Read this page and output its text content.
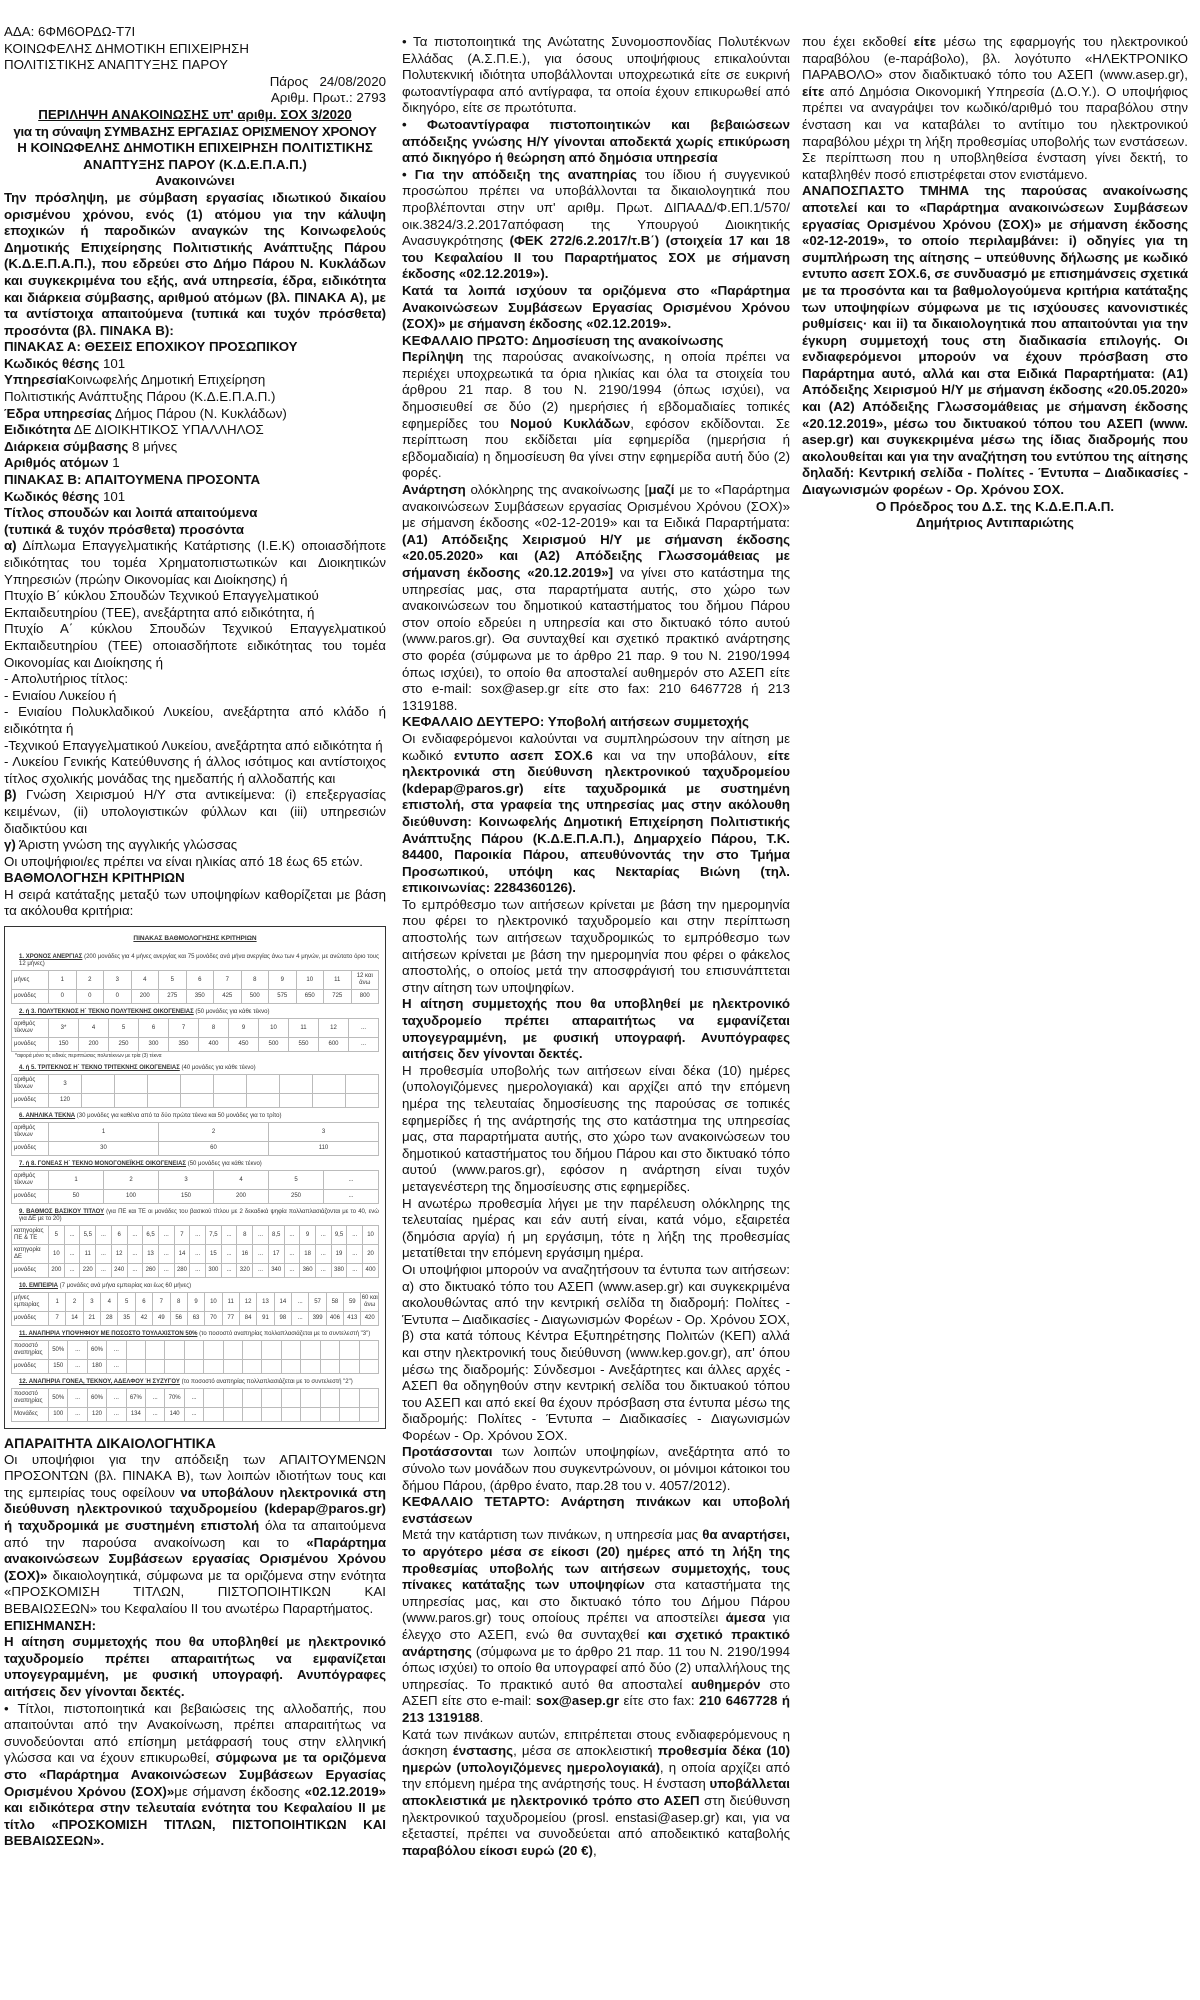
ΑΔΑ: 6ΦΜ6ΟΡΔΩ-Τ7Ι

ΚΟΙΝΩΦΕΛΗΣ ΔΗΜΟΤΙΚΗ ΕΠΙΧΕΙΡΗΣΗ

ΠΟΛΙΤΙΣΤΙΚΗΣ ΑΝΑΠΤΥΞΗΣ ΠΑΡΟΥ

Πάρος   24/08/2020

Αριθμ. Πρωτ.: 2793

ΠΕΡΙΛΗΨΗ ΑΝΑΚΟΙΝΩΣΗΣ υπ' αριθμ. ΣΟΧ 3/2020

για τη σύναψη ΣΥΜΒΑΣΗΣ ΕΡΓΑΣΙΑΣ ΟΡΙΣΜΕΝΟΥ ΧΡΟΝΟΥ

Η ΚΟΙΝΩΦΕΛΗΣ ΔΗΜΟΤΙΚΗ ΕΠΙΧΕΙΡΗΣΗ ΠΟΛΙΤΙΣΤΙΚΗΣ ΑΝΑΠΤΥΞΗΣ ΠΑΡΟΥ (Κ.Δ.Ε.Π.Α.Π.)

Ανακοινώνει

Την πρόσληψη, με σύμβαση εργασίας ιδιωτικού δικαίου ορισμένου χρόνου, ενός (1) ατόμου για την κάλυψη εποχικών ή παροδικών αναγκών της Κοινωφελούς Δημοτικής Επιχείρησης Πολιτιστικής Ανάπτυξης Πάρου (Κ.Δ.Ε.Π.Α.Π.), που εδρεύει στο Δήμο Πάρου Ν. Κυκλάδων και συγκεκριμένα του εξής, ανά υπηρεσία, έδρα, ειδικότητα και διάρκεια σύμβασης, αριθμού ατόμων (βλ. ΠΙΝΑΚΑ Α), με τα αντίστοιχα απαιτούμενα (τυπικά και τυχόν πρόσθετα) προσόντα (βλ. ΠΙΝΑΚΑ Β):

ΠΙΝΑΚΑΣ Α: ΘΕΣΕΙΣ ΕΠΟΧΙΚΟΥ ΠΡΟΣΩΠΙΚΟΥ

Κωδικός θέσης 101

ΥπηρεσίαΚοινωφελής Δημοτική Επιχείρηση

Πολιτιστικής Ανάπτυξης Πάρου (Κ.Δ.Ε.Π.Α.Π.)

Έδρα υπηρεσίας Δήμος Πάρου (Ν. Κυκλάδων)

Ειδικότητα ΔΕ ΔΙΟΙΚΗΤΙΚΟΣ ΥΠΑΛΛΗΛΟΣ

Διάρκεια σύμβασης 8 μήνες

Αριθμός ατόμων 1

ΠΙΝΑΚΑΣ Β: ΑΠΑΙΤΟΥΜΕΝΑ ΠΡΟΣΟΝΤΑ

Κωδικός θέσης 101

Τίτλος σπουδών και λοιπά απαιτούμενα

(τυπικά & τυχόν πρόσθετα) προσόντα

α) Δίπλωμα Επαγγελματικής Κατάρτισης (Ι.Ε.Κ) οποιασδήποτε ειδικότητας του τομέα Χρηματοπιστωτικών και Διοικητικών Υπηρεσιών (πρώην Οικονομίας και Διοίκησης) ή

Πτυχίο Β΄ κύκλου Σπουδών Τεχνικού Επαγγελματικού Εκπαιδευτηρίου (ΤΕΕ), ανεξάρτητα από ειδικότητα, ή

Πτυχίο Α΄ κύκλου Σπουδών Τεχνικού Επαγγελματικού Εκπαιδευτηρίου (ΤΕΕ) οποιασδήποτε ειδικότητας του τομέα Οικονομίας και Διοίκησης ή

- Απολυτήριος τίτλος:

- Ενιαίου Λυκείου ή

- Ενιαίου Πολυκλαδικού Λυκείου, ανεξάρτητα από κλάδο ή ειδικότητα ή

-Τεχνικού Επαγγελματικού Λυκείου, ανεξάρτητα από ειδικότητα ή

- Λυκείου Γενικής Κατεύθυνσης ή άλλος ισότιμος και αντίστοιχος τίτλος σχολικής μονάδας της ημεδαπής ή αλλοδαπής και

β) Γνώση Χειρισμού Η/Υ στα αντικείμενα: (i) επεξεργασίας κειμένων, (ii) υπολογιστικών φύλλων και (iii) υπηρεσιών διαδικτύου και

γ) Άριστη γνώση της αγγλικής γλώσσας

Οι υποψήφιοι/ες πρέπει να είναι ηλικίας από 18 έως 65 ετών.

ΒΑΘΜΟΛΟΓΗΣΗ ΚΡΙΤΗΡΙΩΝ

Η σειρά κατάταξης μεταξύ των υποψηφίων καθορίζεται με βάση τα ακόλουθα κριτήρια:

ΠΙΝΑΚΑΣ ΒΑΘΜΟΛΟΓΗΣΗΣ ΚΡΙΤΗΡΙΩΝ
1. ΧΡΟΝΟΣ ΑΝΕΡΓΙΑΣ (200 μονάδες για 4 μήνες ανεργίας και 75 μονάδες ανά μήνα ανεργίας άνω των 4 μηνών, με ανώτατο όριο τους 12 μήνες)
μήνες	1	2	3	4	5	6	7	8	9	10	11	12 και άνω
μονάδες	0	0	0	200	275	350	425	500	575	650	725	800
2. ή 3. ΠΟΛΥΤΕΚΝΟΣ Η΄ ΤΕΚΝΟ ΠΟΛΥΤΕΚΝΗΣ ΟΙΚΟΓΕΝΕΙΑΣ (50 μονάδες για κάθε τέκνο)
αριθμός τέκνων	3*	4	5	6	7	8	9	10	11	12	...
μονάδες	150	200	250	300	350	400	450	500	550	600	...
*αφορά μόνο τις ειδικές περιπτώσεις πολυτέκνων με τρία (3) τέκνα
4. ή 5. ΤΡΙΤΕΚΝΟΣ Η΄ ΤΕΚΝΟ ΤΡΙΤΕΚΝΗΣ ΟΙΚΟΓΕΝΕΙΑΣ (40 μονάδες για κάθε τέκνο)
αριθμός τέκνων	3									
μονάδες	120									
6. ΑΝΗΛΙΚΑ ΤΕΚΝΑ (30 μονάδες για καθένα από τα δύο πρώτα τέκνα και 50 μονάδες για το τρίτο)
αριθμός τέκνων	1	2	3
μονάδες	30	60	110
7. ή 8. ΓΟΝΕΑΣ Η΄ ΤΕΚΝΟ ΜΟΝΟΓΟΝΕΪΚΗΣ ΟΙΚΟΓΕΝΕΙΑΣ (50 μονάδες για κάθε τέκνο)
αριθμός τέκνων	1	2	3	4	5	...
μονάδες	50	100	150	200	250	...
9. ΒΑΘΜΟΣ ΒΑΣΙΚΟΥ ΤΙΤΛΟΥ (για ΠΕ και ΤΕ οι μονάδες του βασικού τίτλου με 2 δεκαδικά ψηφία πολλαπλασιάζονται με το 40, ενώ για ΔΕ με το 20)
κατηγορίας ΠΕ & ΤΕ	5	...	5,5	...	6	...	6,5	...	7	...	7,5	...	8	...	8,5	...	9	...	9,5	...	10
κατηγορία ΔΕ	10	...	11	...	12	...	13	...	14	...	15	...	16	...	17	...	18	...	19	...	20
μονάδες	200	...	220	...	240	...	260	...	280	...	300	...	320	...	340	...	360	...	380	...	400
10. ΕΜΠΕΙΡΙΑ (7 μονάδες ανά μήνα εμπειρίας και έως 60 μήνες)
μήνες εμπειρίας	1	2	3	4	5	6	7	8	9	10	11	12	13	14	...	57	58	59	60 και άνω
μονάδες	7	14	21	28	35	42	49	56	63	70	77	84	91	98	...	399	406	413	420
11. ΑΝΑΠΗΡΙΑ ΥΠΟΨΗΦΙΟΥ ΜΕ ΠΟΣΟΣΤΟ ΤΟΥΛΑΧΙΣΤΟΝ 50% (το ποσοστό αναπηρίας πολλαπλασιάζεται με το συντελεστή "3")
ποσοστό αναπηρίας	50%	...	60%	...													
μονάδες	150	...	180	...													
12. ΑΝΑΠΗΡΙΑ ΓΟΝΕΑ, ΤΕΚΝΟΥ, ΑΔΕΛΦΟΥ Ή ΣΥΖΥΓΟΥ (το ποσοστό αναπηρίας πολλαπλασιάζεται με το συντελεστή "2")
ποσοστό αναπηρίας	50%	...	60%	...	67%	...	70%	...									
Μονάδες	100	...	120	...	134	...	140	...									

ΑΠΑΡΑΙΤΗΤΑ ΔΙΚΑΙΟΛΟΓΗΤΙΚΑ

Οι υποψήφιοι για την απόδειξη των ΑΠΑΙΤΟΥΜΕΝΩΝ ΠΡΟΣΟΝΤΩΝ (βλ. ΠΙΝΑΚΑ Β), των λοιπών ιδιοτήτων τους και της εμπειρίας τους οφείλουν να υποβάλουν ηλεκτρονικά στη διεύθυνση ηλεκτρονικού ταχυδρομείου (kdepap@paros.gr) ή ταχυδρομικά με συστημένη επιστολή όλα τα απαιτούμενα από την παρούσα ανακοίνωση και το «Παράρτημα ανακοινώσεων Συμβάσεων εργασίας Ορισμένου Χρόνου (ΣΟΧ)» δικαιολογητικά, σύμφωνα με τα οριζόμενα στην ενότητα «ΠΡΟΣΚΟΜΙΣΗ ΤΙΤΛΩΝ, ΠΙΣΤΟΠΟΙΗΤΙΚΩΝ ΚΑΙ ΒΕΒΑΙΩΣΕΩΝ» του Κεφαλαίου ΙΙ του ανωτέρω Παραρτήματος.

ΕΠΙΣΗΜΑΝΣΗ:

Η αίτηση συμμετοχής που θα υποβληθεί με ηλεκτρονικό ταχυδρομείο πρέπει απαραιτήτως να εμφανίζεται υπογεγραμμένη, με φυσική υπογραφή. Ανυπόγραφες αιτήσεις δεν γίνονται δεκτές.

• Τίτλοι, πιστοποιητικά και βεβαιώσεις της αλλοδαπής, που απαιτούνται από την Ανακοίνωση, πρέπει απαραιτήτως να συνοδεύονται από επίσημη μετάφρασή τους στην ελληνική γλώσσα και να έχουν επικυρωθεί, σύμφωνα με τα οριζόμενα στο «Παράρτημα Ανακοινώσεων Συμβάσεων Εργασίας Ορισμένου Χρόνου (ΣΟΧ)»με σήμανση έκδοσης «02.12.2019» και ειδικότερα στην τελευταία ενότητα του Κεφαλαίου ΙΙ με τίτλο «ΠΡΟΣΚΟΜΙΣΗ ΤΙΤΛΩΝ, ΠΙΣΤΟΠΟΙΗΤΙΚΩΝ ΚΑΙ ΒΕΒΑΙΩΣΕΩΝ».

• Τα πιστοποιητικά της Ανώτατης Συνομοσπονδίας Πολυτέκνων Ελλάδας (Α.Σ.Π.Ε.), για όσους υποψήφιους επικαλούνται Πολυτεκνική ιδιότητα υποβάλλονται υποχρεωτικά είτε σε ευκρινή φωτοαντίγραφα από αντίγραφα, τα οποία έχουν επικυρωθεί από δικηγόρο, είτε σε πρωτότυπα.

• Φωτοαντίγραφα πιστοποιητικών και βεβαιώσεων απόδειξης γνώσης Η/Υ γίνονται αποδεκτά χωρίς επικύρωση από δικηγόρο ή θεώρηση από δημόσια υπηρεσία

• Για την απόδειξη της αναπηρίας του ίδιου ή συγγενικού προσώπου πρέπει να υποβάλλονται τα δικαιολογητικά που προβλέπονται στην υπ' αριθμ. Πρωτ. ΔΙΠΑΑΔ/Φ.ΕΠ.1/570/ οικ.3824/3.2.2017απόφαση της Υπουργού Διοικητικής Ανασυγκρότησης (ΦΕΚ 272/6.2.2017/τ.Β΄) (στοιχεία 17 και 18 του Κεφαλαίου ΙΙ του Παραρτήματος ΣΟΧ με σήμανση έκδοσης «02.12.2019»).

Κατά τα λοιπά ισχύουν τα οριζόμενα στο «Παράρτημα Ανακοινώσεων Συμβάσεων Εργασίας Ορισμένου Χρόνου (ΣΟΧ)» με σήμανση έκδοσης «02.12.2019».

ΚΕΦΑΛΑΙΟ ΠΡΩΤΟ: Δημοσίευση της ανακοίνωσης

Περίληψη της παρούσας ανακοίνωσης, η οποία πρέπει να περιέχει υποχρεωτικά τα όρια ηλικίας και όλα τα στοιχεία του άρθρου 21 παρ. 8 του Ν. 2190/1994 (όπως ισχύει), να δημοσιευθεί σε δύο (2) ημερήσιες ή εβδομαδιαίες τοπικές εφημερίδες του Νομού Κυκλάδων, εφόσον εκδίδονται. Σε περίπτωση που εκδίδεται μία εφημερίδα (ημερήσια ή εβδομαδιαία) η δημοσίευση θα γίνει στην εφημερίδα αυτή δύο (2) φορές.

Ανάρτηση ολόκληρης της ανακοίνωσης [μαζί με το «Παράρτημα ανακοινώσεων Συμβάσεων εργασίας Ορισμένου Χρόνου (ΣΟΧ)» με σήμανση έκδοσης «02-12-2019» και τα Ειδικά Παραρτήματα: (Α1) Απόδειξης Χειρισμού Η/Υ με σήμανση έκδοσης «20.05.2020» και (Α2) Απόδειξης Γλωσσομάθειας με σήμανση έκδοσης «20.12.2019»] να γίνει στο κατάστημα της υπηρεσίας μας, στα παραρτήματα αυτής, στο χώρο των ανακοινώσεων του δημοτικού καταστήματος του δήμου Πάρου στον οποίο εδρεύει η υπηρεσία και στο δικτυακό τόπο αυτού (www.paros.gr). Θα συνταχθεί και σχετικό πρακτικό ανάρτησης στο φορέα (σύμφωνα με το άρθρο 21 παρ. 9 του Ν. 2190/1994 όπως ισχύει), το οποίο θα αποσταλεί αυθημερόν στο ΑΣΕΠ είτε στο e-mail: sox@asep.gr είτε στο fax: 210 6467728 ή 213 1319188.

ΚΕΦΑΛΑΙΟ ΔΕΥΤΕΡΟ: Υποβολή αιτήσεων συμμετοχής

Οι ενδιαφερόμενοι καλούνται να συμπληρώσουν την αίτηση με κωδικό εντυπο ασεπ ΣΟΧ.6 και να την υποβάλουν, είτε ηλεκτρονικά στη διεύθυνση ηλεκτρονικού ταχυδρομείου (kdepap@paros.gr) είτε ταχυδρομικά με συστημένη επιστολή, στα γραφεία της υπηρεσίας μας στην ακόλουθη διεύθυνση: Κοινωφελής Δημοτική Επιχείρηση Πολιτιστικής Ανάπτυξης Πάρου (Κ.Δ.Ε.Π.Α.Π.), Δημαρχείο Πάρου, Τ.Κ. 84400, Παροικία Πάρου, απευθύνοντάς την στο Τμήμα Προσωπικού, υπόψη κας Νεκταρίας Βιώνη (τηλ. επικοινωνίας: 2284360126).

Το εμπρόθεσμο των αιτήσεων κρίνεται με βάση την ημερομηνία που φέρει το ηλεκτρονικό ταχυδρομείο και στην περίπτωση αποστολής των αιτήσεων ταχυδρομικώς το εμπρόθεσμο των αιτήσεων κρίνεται με βάση την ημερομηνία που φέρει ο φάκελος αποστολής, ο οποίος μετά την αποσφράγισή του επισυνάπτεται στην αίτηση των υποψηφίων.

Η αίτηση συμμετοχής που θα υποβληθεί με ηλεκτρονικό ταχυδρομείο πρέπει απαραιτήτως να εμφανίζεται υπογεγραμμένη, με φυσική υπογραφή. Ανυπόγραφες αιτήσεις δεν γίνονται δεκτές.

Η προθεσμία υποβολής των αιτήσεων είναι δέκα (10) ημέρες (υπολογιζόμενες ημερολογιακά) και αρχίζει από την επόμενη ημέρα της τελευταίας δημοσίευσης της παρούσας σε τοπικές εφημερίδες ή της ανάρτησής της στο κατάστημα της υπηρεσίας μας, στα παραρτήματα αυτής, στο χώρο των ανακοινώσεων του δημοτικού καταστήματος του δήμου Πάρου και στο δικτυακό τόπο αυτού (www.paros.gr), εφόσον η ανάρτηση είναι τυχόν μεταγενέστερη της δημοσίευσης στις εφημερίδες.

Η ανωτέρω προθεσμία λήγει με την παρέλευση ολόκληρης της τελευταίας ημέρας και εάν αυτή είναι, κατά νόμο, εξαιρετέα (δημόσια αργία) ή μη εργάσιμη, τότε η λήξη της προθεσμίας μετατίθεται την επόμενη εργάσιμη ημέρα.

Οι υποψήφιοι μπορούν να αναζητήσουν τα έντυπα των αιτήσεων: α) στο δικτυακό τόπο του ΑΣΕΠ (www.asep.gr) και συγκεκριμένα ακολουθώντας από την κεντρική σελίδα τη διαδρομή: Πολίτες - Έντυπα – Διαδικασίες - Διαγωνισμών Φορέων - Ορ. Χρόνου ΣΟΧ, β) στα κατά τόπους Κέντρα Εξυπηρέτησης Πολιτών (ΚΕΠ) αλλά και στην ηλεκτρονική τους διεύθυνση (www.kep.gov.gr), απ' όπου μέσω της διαδρομής: Σύνδεσμοι - Ανεξάρτητες και άλλες αρχές - ΑΣΕΠ θα οδηγηθούν στην κεντρική σελίδα του δικτυακού τόπου του ΑΣΕΠ και από εκεί θα έχουν πρόσβαση στα έντυπα μέσω της διαδρομής: Πολίτες - Έντυπα – Διαδικασίες - Διαγωνισμών Φορέων - Ορ. Χρόνου ΣΟΧ.

Προτάσσονται των λοιπών υποψηφίων, ανεξάρτητα από το σύνολο των μονάδων που συγκεντρώνουν, οι μόνιμοι κάτοικοι του δήμου Πάρου, (άρθρο ένατο, παρ.28 του ν. 4057/2012).

ΚΕΦΑΛΑΙΟ ΤΕΤΑΡΤΟ: Ανάρτηση πινάκων και υποβολή ενστάσεων

Μετά την κατάρτιση των πινάκων, η υπηρεσία μας θα αναρτήσει, το αργότερο μέσα σε είκοσι (20) ημέρες από τη λήξη της προθεσμίας υποβολής των αιτήσεων συμμετοχής, τους πίνακες κατάταξης των υποψηφίων στα καταστήματα της υπηρεσίας μας, και στο δικτυακό τόπο του Δήμου Πάρου (www.paros.gr) τους οποίους πρέπει να αποστείλει άμεσα για έλεγχο στο ΑΣΕΠ, ενώ θα συνταχθεί και σχετικό πρακτικό ανάρτησης (σύμφωνα με το άρθρο 21 παρ. 11 του Ν. 2190/1994 όπως ισχύει) το οποίο θα υπογραφεί από δύο (2) υπαλλήλους της υπηρεσίας. Το πρακτικό αυτό θα αποσταλεί αυθημερόν στο ΑΣΕΠ είτε στο e-mail: sox@asep.gr είτε στο fax: 210 6467728 ή 213 1319188.

Κατά των πινάκων αυτών, επιτρέπεται στους ενδιαφερόμενους η άσκηση ένστασης, μέσα σε αποκλειστική προθεσμία δέκα (10) ημερών (υπολογιζόμενες ημερολογιακά), η οποία αρχίζει από την επόμενη ημέρα της ανάρτησής τους. Η ένσταση υποβάλλεται αποκλειστικά με ηλεκτρονικό τρόπο στο ΑΣΕΠ στη διεύθυνση ηλεκτρονικού ταχυδρομείου (prosl. enstasi@asep.gr) και, για να εξεταστεί, πρέπει να συνοδεύεται από αποδεικτικό καταβολής παραβόλου είκοσι ευρώ (20 €),

που έχει εκδοθεί είτε μέσω της εφαρμογής του ηλεκτρονικού παραβόλου (e-παράβολο), βλ. λογότυπο «ΗΛΕΚΤΡΟΝΙΚΟ ΠΑΡΑΒΟΛΟ» στον διαδικτυακό τόπο του ΑΣΕΠ (www.asep.gr), είτε από Δημόσια Οικονομική Υπηρεσία (Δ.Ο.Υ.). Ο υποψήφιος πρέπει να αναγράψει τον κωδικό/αριθμό του παραβόλου στην ένσταση και να καταβάλει το αντίτιμο του ηλεκτρονικού παραβόλου μέχρι τη λήξη προθεσμίας υποβολής των ενστάσεων. Σε περίπτωση που η υποβληθείσα ένσταση γίνει δεκτή, το καταβληθέν ποσό επιστρέφεται στον ενιστάμενο.

ΑΝΑΠΟΣΠΑΣΤΟ ΤΜΗΜΑ της παρούσας ανακοίνωσης αποτελεί και το «Παράρτημα ανακοινώσεων Συμβάσεων εργασίας Ορισμένου Χρόνου (ΣΟΧ)» με σήμανση έκδοσης «02-12-2019», το οποίο περιλαμβάνει: i) οδηγίες για τη συμπλήρωση της αίτησης – υπεύθυνης δήλωσης με κωδικό εντυπο ασεπ ΣΟΧ.6, σε συνδυασμό με επισημάνσεις σχετικά με τα προσόντα και τα βαθμολογούμενα κριτήρια κατάταξης των υποψηφίων σύμφωνα με τις ισχύουσες κανονιστικές ρυθμίσεις· και ii) τα δικαιολογητικά που απαιτούνται για την έγκυρη συμμετοχή τους στη διαδικασία επιλογής. Οι ενδιαφερόμενοι μπορούν να έχουν πρόσβαση στο Παράρτημα αυτό, αλλά και στα Ειδικά Παραρτήματα: (Α1) Απόδειξης Χειρισμού Η/Υ με σήμανση έκδοσης «20.05.2020» και (Α2) Απόδειξης Γλωσσομάθειας με σήμανση έκδοσης «20.12.2019», μέσω του δικτυακού τόπου του ΑΣΕΠ (www. asep.gr) και συγκεκριμένα μέσω της ίδιας διαδρομής που ακολουθείται και για την αναζήτηση του εντύπου της αίτησης δηλαδή: Κεντρική σελίδα - Πολίτες - Έντυπα – Διαδικασίες - Διαγωνισμών φορέων - Ορ. Χρόνου ΣΟΧ.

Ο Πρόεδρος του Δ.Σ. της Κ.Δ.Ε.Π.Α.Π.

Δημήτριος Αντιπαριώτης
